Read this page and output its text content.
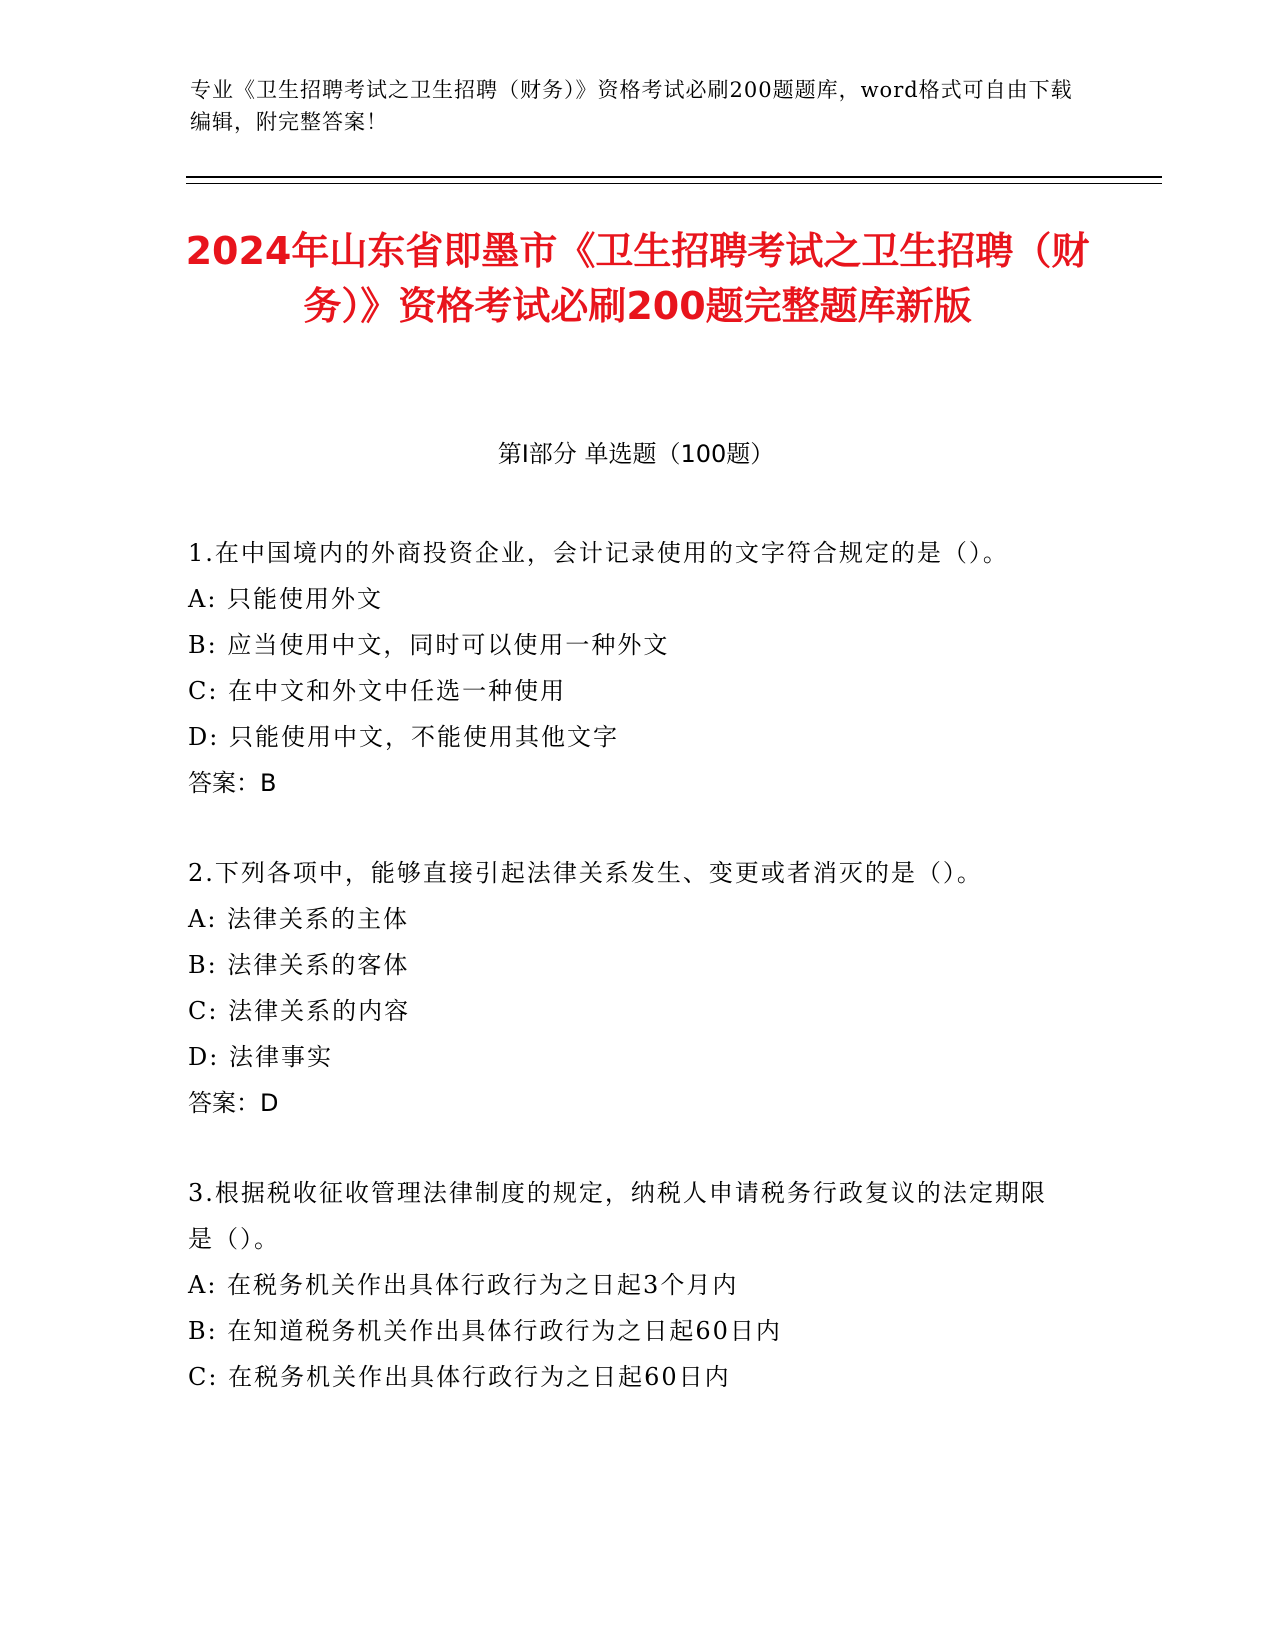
专业《卫生招聘考试之卫生招聘（财务）》资格考试必刷200题题库，word格式可自由下载编辑，附完整答案！
2024年山东省即墨市《卫生招聘考试之卫生招聘（财务）》资格考试必刷200题完整题库新版
第Ⅰ部分 单选题（100题）

1.在中国境内的外商投资企业，会计记录使用的文字符合规定的是（）。

A: 只能使用外文
B: 应当使用中文，同时可以使用一种外文
C: 在中文和外文中任选一种使用
D: 只能使用中文，不能使用其他文字
答案：B

2.下列各项中，能够直接引起法律关系发生、变更或者消灭的是（）。

A: 法律关系的主体
B: 法律关系的客体
C: 法律关系的内容
D: 法律事实
答案：D

3.根据税收征收管理法律制度的规定，纳税人申请税务行政复议的法定期限是（）。

A: 在税务机关作出具体行政行为之日起3个月内
B: 在知道税务机关作出具体行政行为之日起60日内
C: 在税务机关作出具体行政行为之日起60日内
